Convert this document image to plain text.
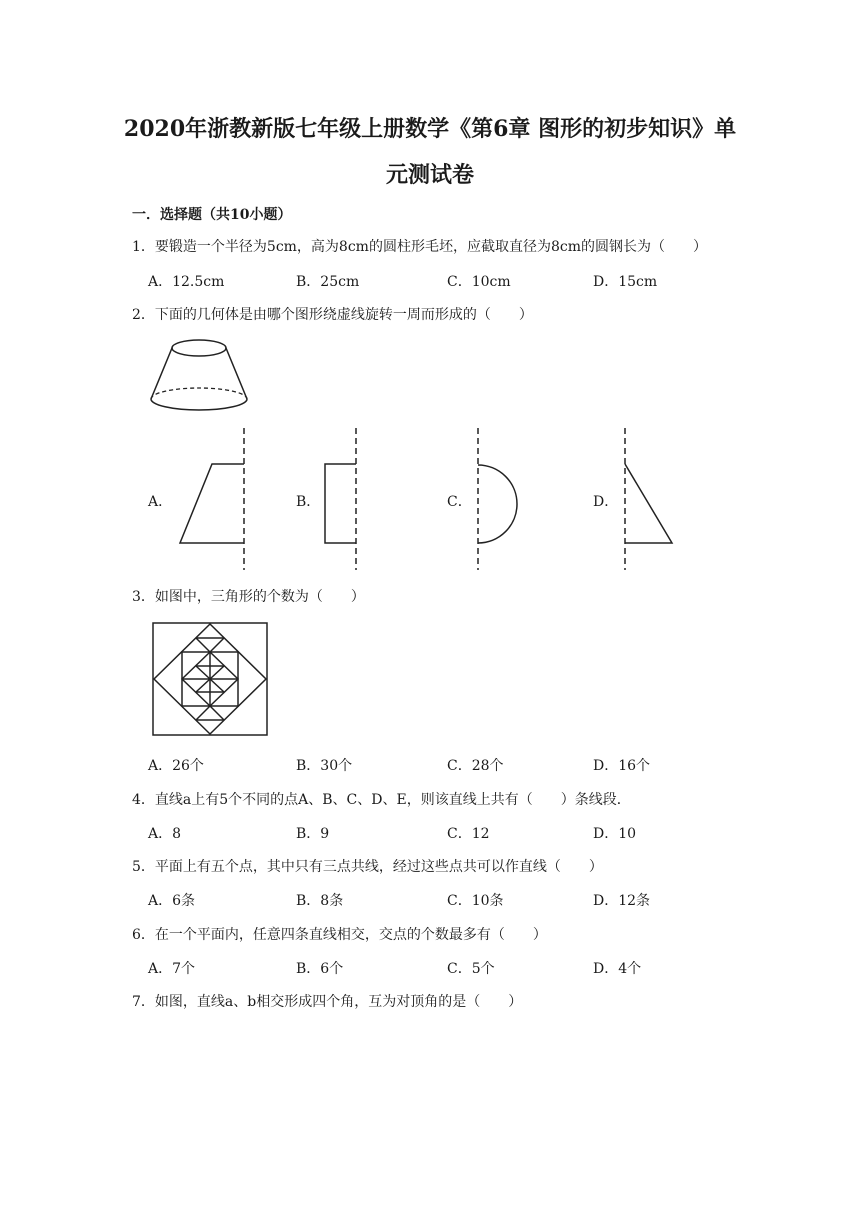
2020年浙教新版七年级上册数学《第6章 图形的初步知识》单
元测试卷
一．选择题（共10小题）
1．要锻造一个半径为5cm，高为8cm的圆柱形毛坯，应截取直径为8cm的圆钢长为（　　）
A．12.5cm	B．25cm	C．10cm	D．15cm
2．下面的几何体是由哪个图形绕虚线旋转一周而形成的（　　）
A．	B．	C．	D．
3．如图中，三角形的个数为（　　）
A．26个	B．30个	C．28个	D．16个
4．直线a上有5个不同的点A、B、C、D、E，则该直线上共有（　　）条线段．
A．8	B．9	C．12	D．10
5．平面上有五个点，其中只有三点共线，经过这些点共可以作直线（　　）
A．6条	B．8条	C．10条	D．12条
6．在一个平面内，任意四条直线相交，交点的个数最多有（　　）
A．7个	B．6个	C．5个	D．4个
7．如图，直线a、b相交形成四个角，互为对顶角的是（　　）
